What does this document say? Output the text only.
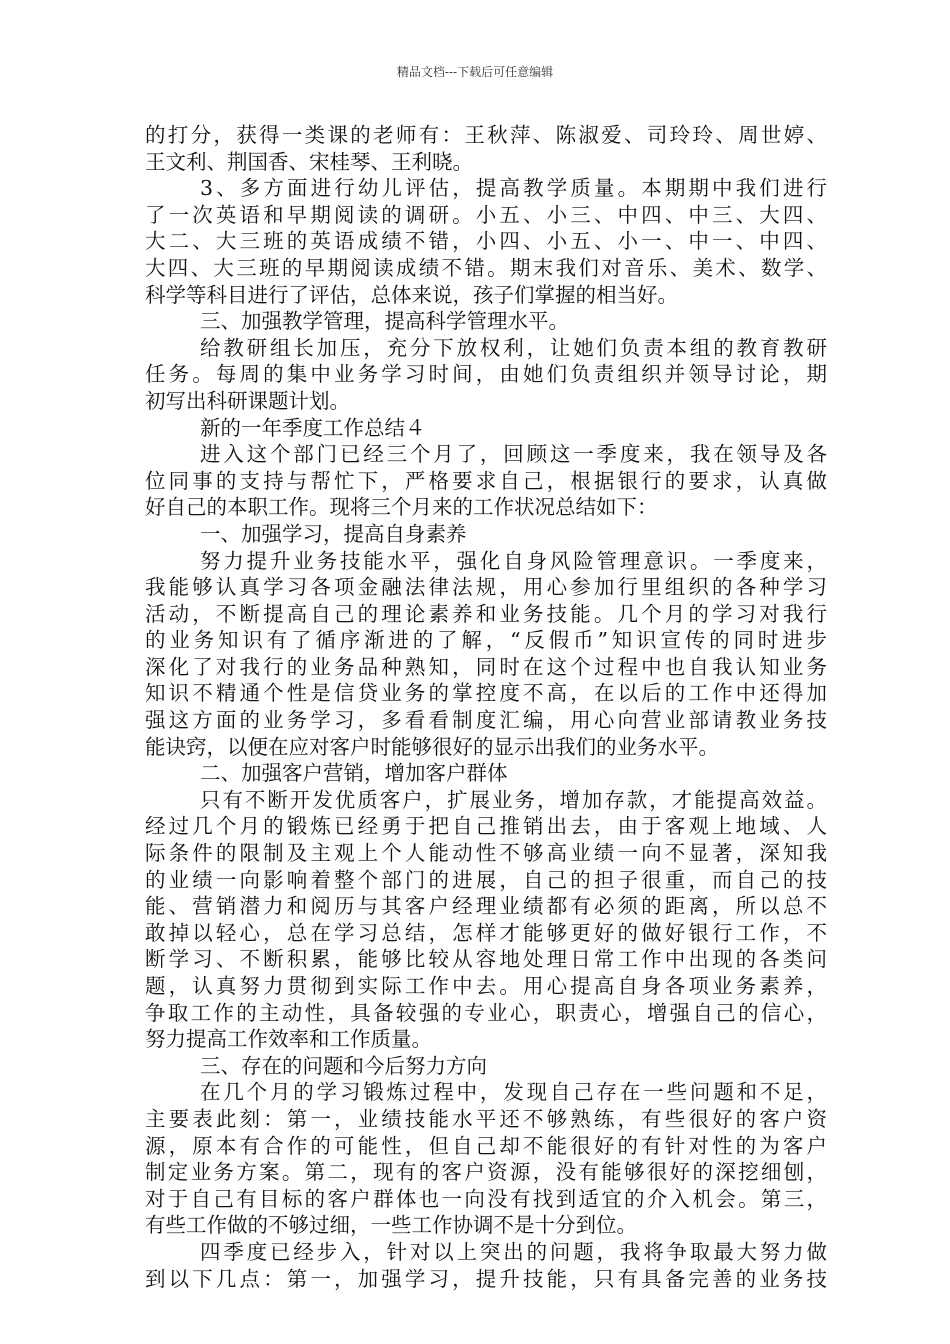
精品文档---下载后可任意编辑
的打分，获得一类课的老师有：王秋萍、陈淑爱、司玲玲、周世婷、
王文利、荆国香、宋桂琴、王利晓。
3、多方面进行幼儿评估，提高教学质量。本期期中我们进行
了一次英语和早期阅读的调研。小五、小三、中四、中三、大四、
大二、大三班的英语成绩不错，小四、小五、小一、中一、中四、
大四、大三班的早期阅读成绩不错。期末我们对音乐、美术、数学、
科学等科目进行了评估，总体来说，孩子们掌握的相当好。
三、加强教学管理，提高科学管理水平。
给教研组长加压，充分下放权利，让她们负责本组的教育教研
任务。每周的集中业务学习时间，由她们负责组织并领导讨论，期
初写出科研课题计划。
新的一年季度工作总结４
进入这个部门已经三个月了，回顾这一季度来，我在领导及各
位同事的支持与帮忙下，严格要求自己，根据银行的要求，认真做
好自己的本职工作。现将三个月来的工作状况总结如下：
一、加强学习，提高自身素养
努力提升业务技能水平，强化自身风险管理意识。一季度来，
我能够认真学习各项金融法律法规，用心参加行里组织的各种学习
活动，不断提高自己的理论素养和业务技能。几个月的学习对我行
的业务知识有了循序渐进的了解，“反假币”知识宣传的同时进步
深化了对我行的业务品种熟知，同时在这个过程中也自我认知业务
知识不精通个性是信贷业务的掌控度不高，在以后的工作中还得加
强这方面的业务学习，多看看制度汇编，用心向营业部请教业务技
能诀窍，以便在应对客户时能够很好的显示出我们的业务水平。
二、加强客户营销，增加客户群体
只有不断开发优质客户，扩展业务，增加存款，才能提高效益。
经过几个月的锻炼已经勇于把自己推销出去，由于客观上地域、人
际条件的限制及主观上个人能动性不够高业绩一向不显著，深知我
的业绩一向影响着整个部门的进展，自己的担子很重，而自己的技
能、营销潜力和阅历与其客户经理业绩都有必须的距离，所以总不
敢掉以轻心，总在学习总结，怎样才能够更好的做好银行工作，不
断学习、不断积累，能够比较从容地处理日常工作中出现的各类问
题，认真努力贯彻到实际工作中去。用心提高自身各项业务素养，
争取工作的主动性，具备较强的专业心，职责心，增强自己的信心，
努力提高工作效率和工作质量。
三、存在的问题和今后努力方向
在几个月的学习锻炼过程中，发现自己存在一些问题和不足，
主要表此刻：第一，业绩技能水平还不够熟练，有些很好的客户资
源，原本有合作的可能性，但自己却不能很好的有针对性的为客户
制定业务方案。第二，现有的客户资源，没有能够很好的深挖细刨，
对于自己有目标的客户群体也一向没有找到适宜的介入机会。第三，
有些工作做的不够过细，一些工作协调不是十分到位。
四季度已经步入，针对以上突出的问题，我将争取最大努力做
到以下几点：第一，加强学习，提升技能，只有具备完善的业务技
